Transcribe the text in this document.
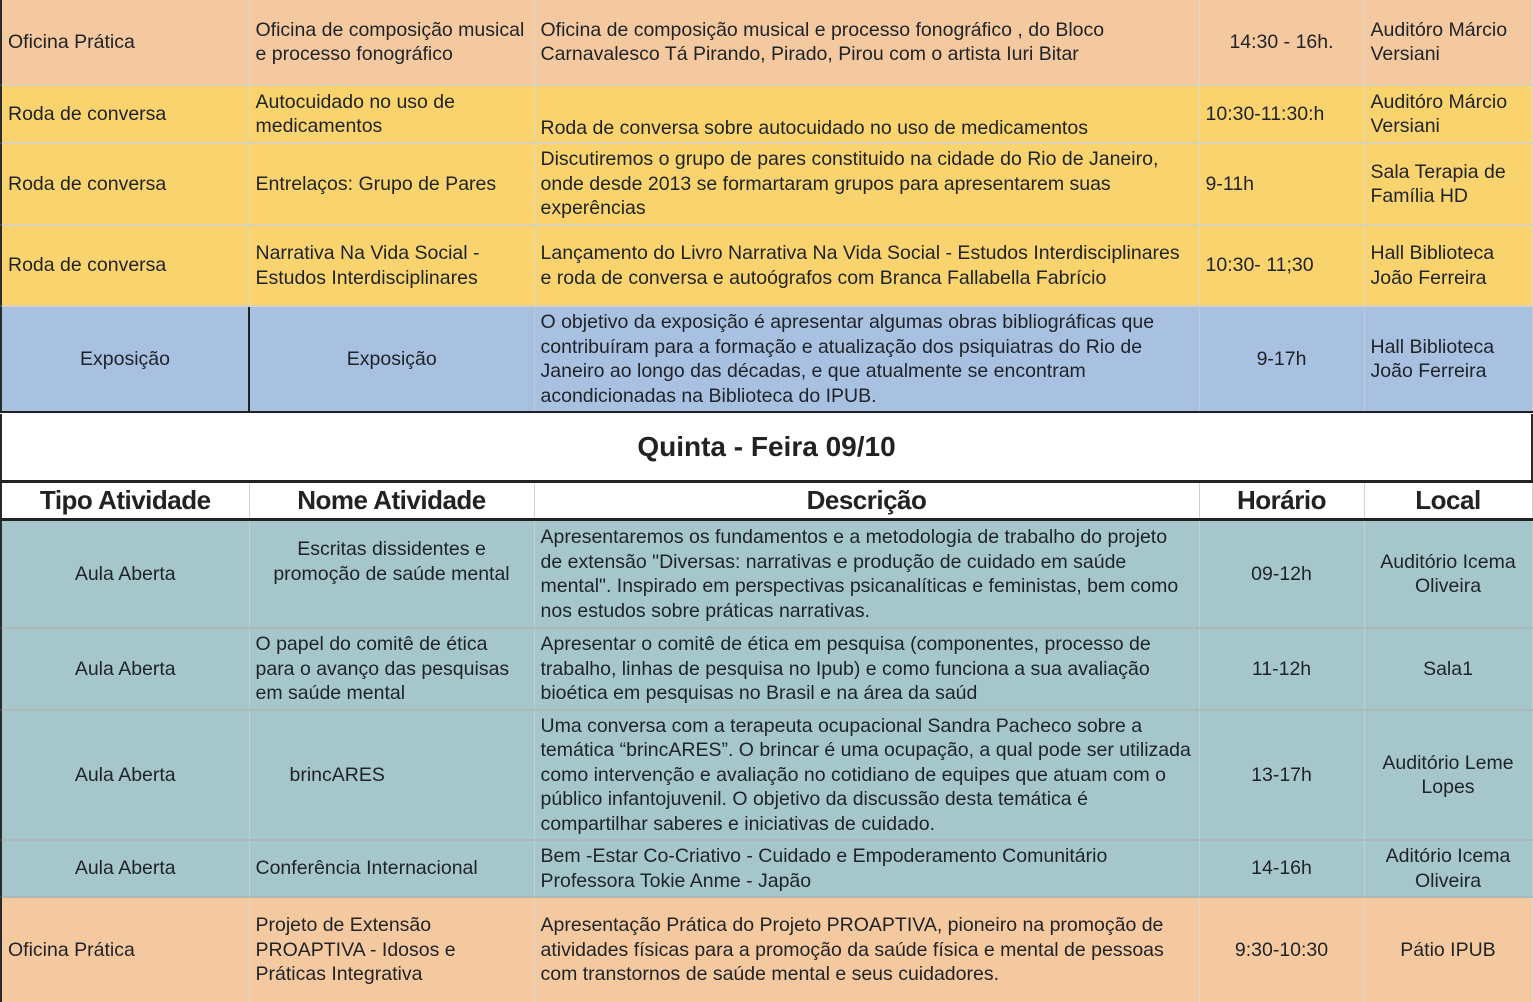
Oficina Prática	Oficina de composição musical e processo fonográfico	Oficina de composição musical e processo fonográfico , do Bloco Carnavalesco Tá Pirando, Pirado, Pirou com o artista Iuri Bitar	14:30 - 16h.	Auditóro Márcio Versiani
Roda de conversa	Autocuidado no uso de medicamentos	Roda de conversa sobre autocuidado no uso de medicamentos	10:30-11:30:h	Auditóro Márcio Versiani
Roda de conversa	Entrelaços: Grupo de Pares	Discutiremos o grupo de pares constituido na cidade do Rio de Janeiro, onde desde 2013 se formartaram grupos para apresentarem suas experências	9-11h	Sala Terapia de Família HD
Roda de conversa	Narrativa Na Vida Social - Estudos Interdisciplinares	Lançamento do Livro Narrativa Na Vida Social - Estudos Interdisciplinares e roda de conversa e autoógrafos com Branca Fallabella Fabrício	10:30- 11;30	Hall Biblioteca João Ferreira
Exposição	Exposição	O objetivo da exposição é apresentar algumas obras bibliográficas que contribuíram para a formação e atualização dos psiquiatras do Rio de Janeiro ao longo das décadas, e que atualmente se encontram acondicionadas na Biblioteca do IPUB.	9-17h	Hall Biblioteca João Ferreira
Quinta - Feira 09/10
Tipo Atividade	Nome Atividade	Descrição	Horário	Local
Aula Aberta	Escritas dissidentes e promoção de saúde mental	Apresentaremos os fundamentos e a metodologia de trabalho do projeto de extensão "Diversas: narrativas e produção de cuidado em saúde mental". Inspirado em perspectivas psicanalíticas e feministas, bem como nos estudos sobre práticas narrativas.	09-12h	Auditório Icema Oliveira
Aula Aberta	O papel do comitê de ética para o avanço das pesquisas em saúde mental	Apresentar o comitê de ética em pesquisa (componentes, processo de trabalho, linhas de pesquisa no Ipub) e como funciona a sua avaliação bioética em pesquisas no Brasil e na área da saúd	11-12h	Sala1
Aula Aberta	brincARES	Uma conversa com a terapeuta ocupacional Sandra Pacheco sobre a temática “brincARES”. O brincar é uma ocupação, a qual pode ser utilizada como intervenção e avaliação no cotidiano de equipes que atuam com o público infantojuvenil. O objetivo da discussão desta temática é compartilhar saberes e iniciativas de cuidado.	13-17h	Auditório Leme Lopes
Aula Aberta	Conferência Internacional	Bem -Estar Co-Criativo - Cuidado e Empoderamento Comunitário Professora Tokie Anme - Japão	14-16h	Aditório Icema Oliveira
Oficina Prática	Projeto de Extensão PROAPTIVA - Idosos e Práticas Integrativa	Apresentação Prática do Projeto PROAPTIVA, pioneiro na promoção de atividades físicas para a promoção da saúde física e mental de pessoas com transtornos de saúde mental e seus cuidadores.	9:30-10:30	Pátio IPUB
